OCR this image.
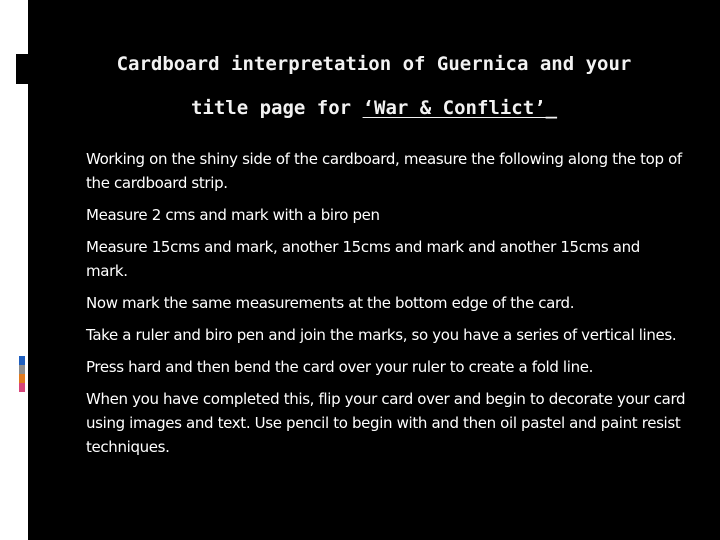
Cardboard interpretation of Guernica and your
title page for ‘War & Conflict’_
Working on the shiny side of the cardboard, measure the following along the top of the cardboard strip.
Measure 2 cms and mark with a biro pen
Measure 15cms and mark, another 15cms and mark and another 15cms and mark.
Now mark the same measurements at the bottom edge of the card.
Take a ruler and biro pen and join the marks, so you have a series of vertical lines.
Press hard and then bend the card over your ruler to create a fold line.
When you have completed this, flip your card over and begin to decorate your card using images and text. Use pencil to begin with and then oil pastel and paint resist techniques.
